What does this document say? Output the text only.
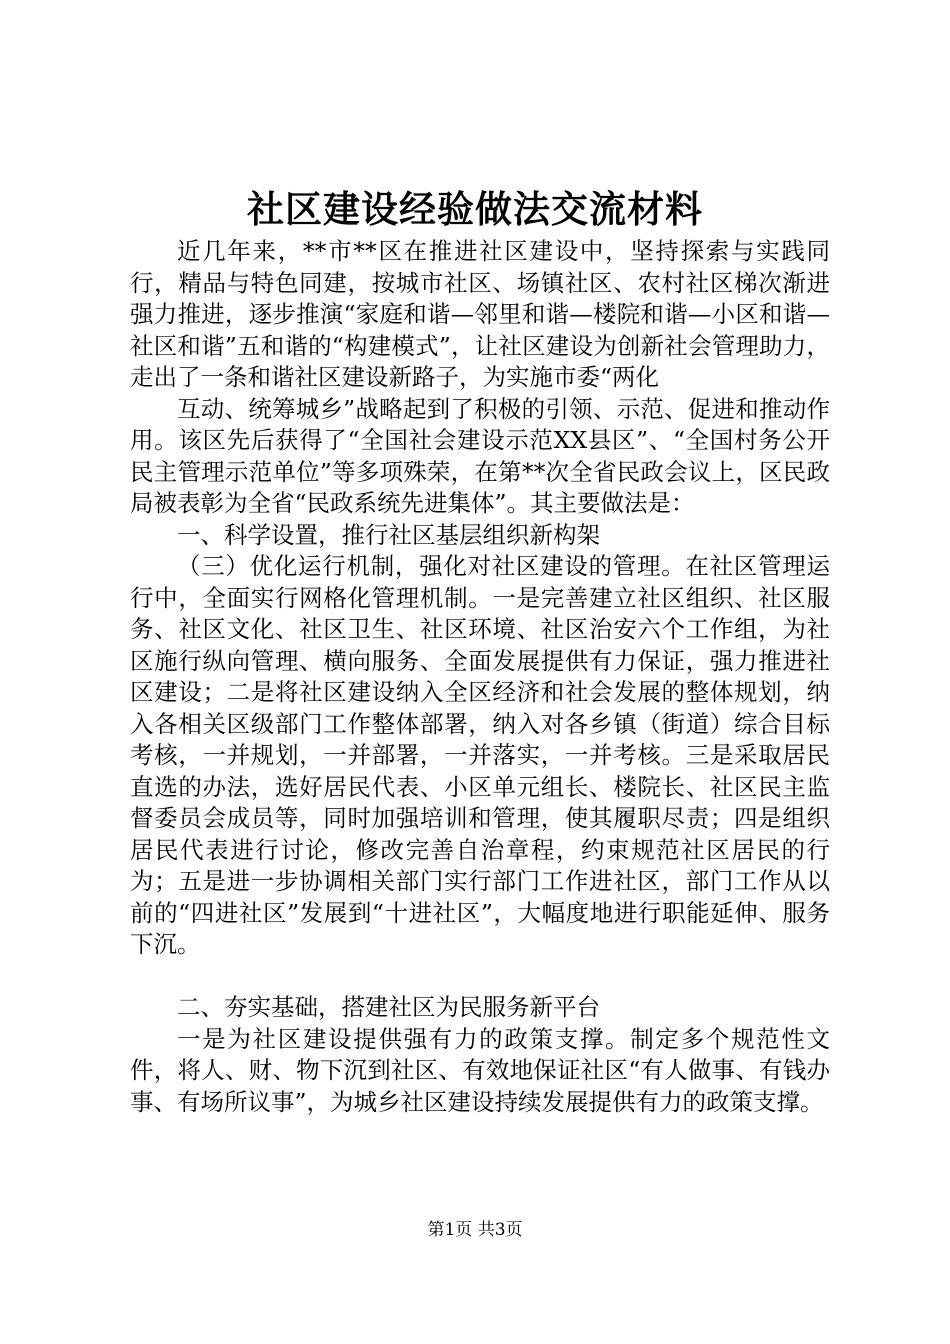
社区建设经验做法交流材料

近几年来，**市**区在推进社区建设中，坚持探索与实践同行，精品与特色同建，按城市社区、场镇社区、农村社区梯次渐进强力推进，逐步推演“家庭和谐—邻里和谐—楼院和谐—小区和谐—社区和谐”五和谐的“构建模式”，让社区建设为创新社会管理助力，走出了一条和谐社区建设新路子，为实施市委“两化

互动、统筹城乡”战略起到了积极的引领、示范、促进和推动作用。该区先后获得了“全国社会建设示范XX县区”、“全国村务公开民主管理示范单位”等多项殊荣，在第**次全省民政会议上，区民政局被表彰为全省“民政系统先进集体”。其主要做法是：

一、科学设置，推行社区基层组织新构架

（三）优化运行机制，强化对社区建设的管理。在社区管理运行中，全面实行网格化管理机制。一是完善建立社区组织、社区服务、社区文化、社区卫生、社区环境、社区治安六个工作组，为社区施行纵向管理、横向服务、全面发展提供有力保证，强力推进社区建设；二是将社区建设纳入全区经济和社会发展的整体规划，纳入各相关区级部门工作整体部署，纳入对各乡镇（街道）综合目标考核，一并规划，一并部署，一并落实，一并考核。三是采取居民直选的办法，选好居民代表、小区单元组长、楼院长、社区民主监督委员会成员等，同时加强培训和管理，使其履职尽责；四是组织居民代表进行讨论，修改完善自治章程，约束规范社区居民的行为；五是进一步协调相关部门实行部门工作进社区，部门工作从以前的“四进社区”发展到“十进社区”，大幅度地进行职能延伸、服务下沉。

二、夯实基础，搭建社区为民服务新平台

一是为社区建设提供强有力的政策支撑。制定多个规范性文件，将人、财、物下沉到社区、有效地保证社区“有人做事、有钱办事、有场所议事”，为城乡社区建设持续发展提供有力的政策支撑。

第1页 共3页
